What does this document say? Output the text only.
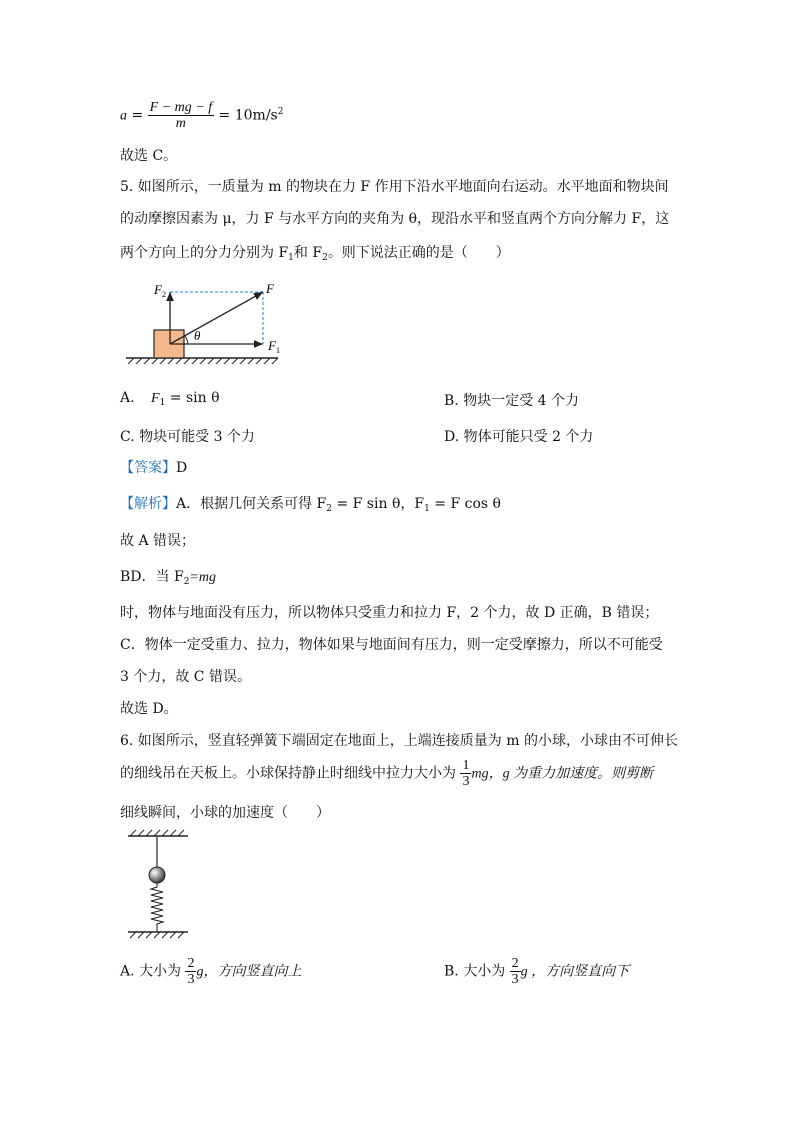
$a = \frac{F - mg - f}{m} = 10m/s^2$
故选 C。
5. 如图所示，一质量为 m 的物块在力 F 作用下沿水平地面向右运动。水平地面和物块间
的动摩擦因素为 μ，力 F 与水平方向的夹角为 θ，现沿水平和竖直两个方向分解力 F，这
两个方向上的分力分别为 $F_1$和 $F_2$。则下说法正确的是（　　）
F
F 1
F 2
θ
A. $F_1 = \sin \theta$	B. 物块一定受 4 个力
C. 物块可能受 3 个力	D. 物体可能只受 2 个力
【答案】D
【解析】A．根据几何关系可得 $F_2 = F$ sin θ，$F_1 = F$ cos θ
故 A 错误；
BD．当 $F_2=mg$
时，物体与地面没有压力，所以物体只受重力和拉力 F，2 个力，故 D 正确，B 错误；
C．物体一定受重力、拉力，物体如果与地面间有压力，则一定受摩擦力，所以不可能受
3 个力，故 C 错误。
故选 D。
6. 如图所示，竖直轻弹簧下端固定在地面上，上端连接质量为 m 的小球，小球由不可伸长
的细线吊在天板上。小球保持静止时细线中拉力大小为 $\frac{1}{3}$ mg，g 为重力加速度。则剪断
细线瞬间，小球的加速度（　　）
A. 大小为 $\frac{2}{3}$ g，方向竖直向上	B. 大小为 $\frac{2}{3}$ g ，方向竖直向下
